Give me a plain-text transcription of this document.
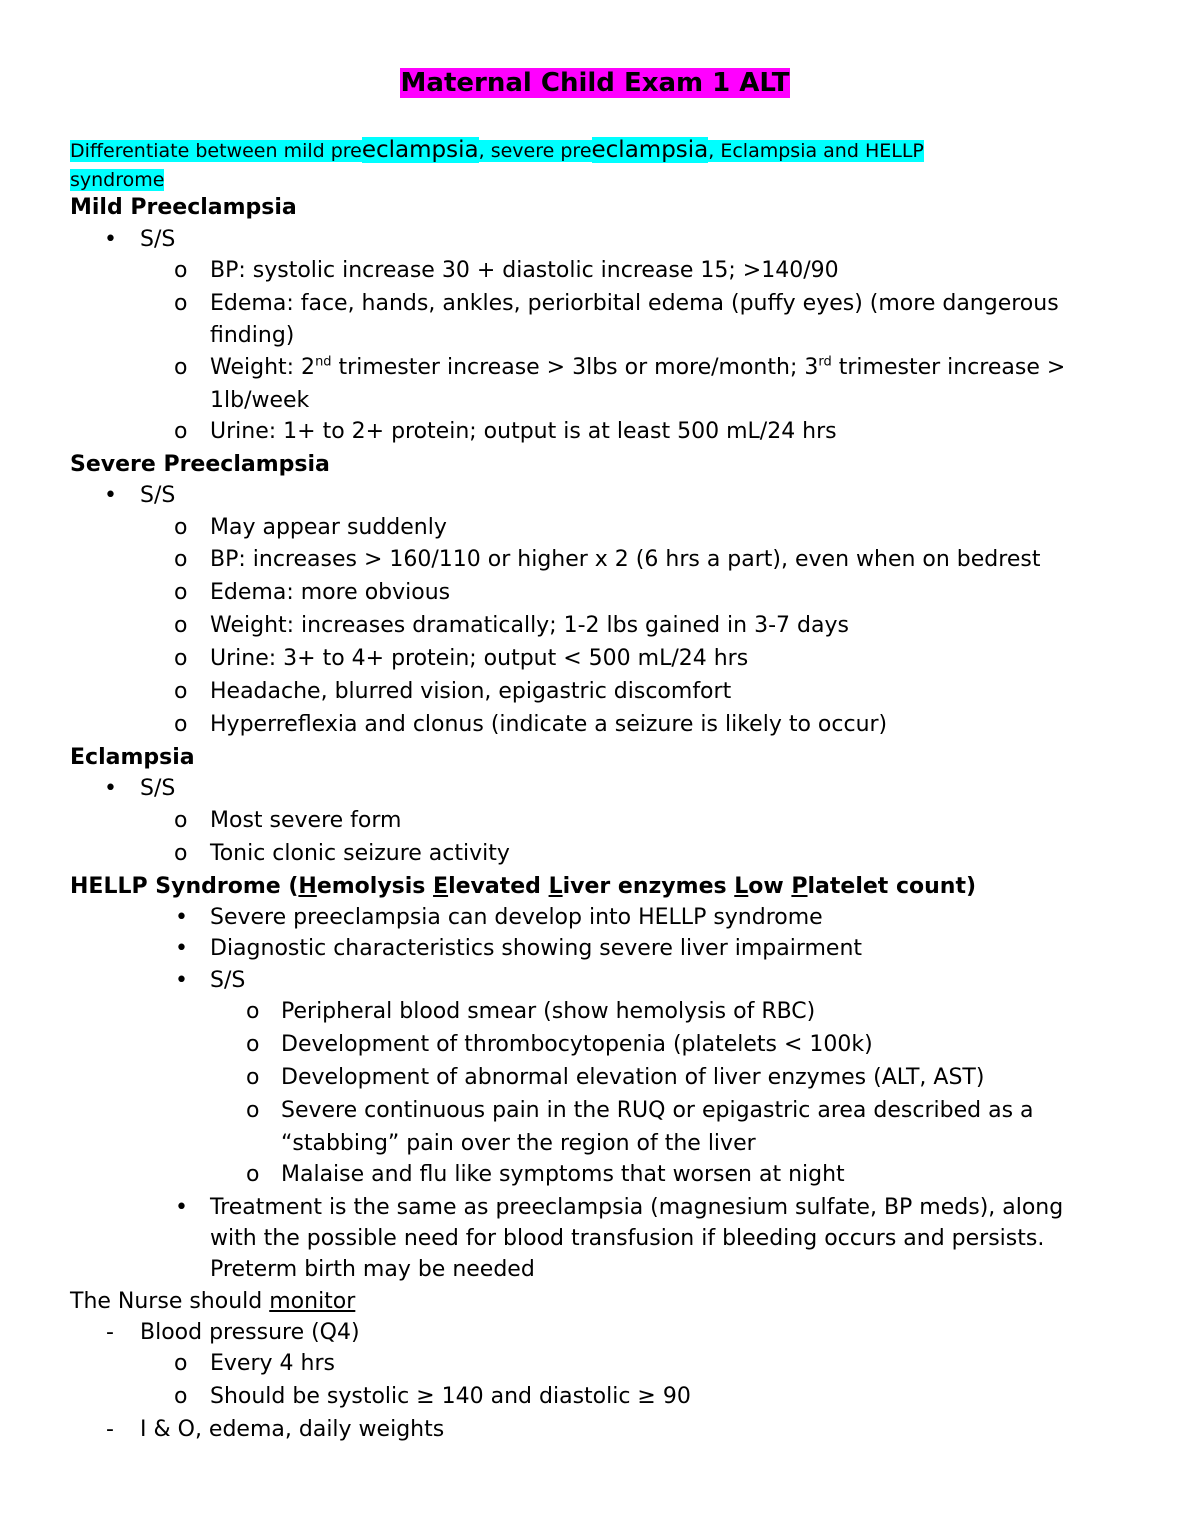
Maternal Child Exam 1 ALT
Differentiate between mild preeclampsia, severe preeclampsia, Eclampsia and HELLP
syndrome
Mild Preeclampsia
• S/S
o BP: systolic increase 30 + diastolic increase 15; >140/90
o Edema: face, hands, ankles, periorbital edema (puffy eyes) (more dangerous
finding)
o Weight: 2nd trimester increase > 3lbs or more/month; 3rd trimester increase >
1lb/week
o Urine: 1+ to 2+ protein; output is at least 500 mL/24 hrs
Severe Preeclampsia
• S/S
o May appear suddenly
o BP: increases > 160/110 or higher x 2 (6 hrs a part), even when on bedrest
o Edema: more obvious
o Weight: increases dramatically; 1-2 lbs gained in 3-7 days
o Urine: 3+ to 4+ protein; output < 500 mL/24 hrs
o Headache, blurred vision, epigastric discomfort
o Hyperreflexia and clonus (indicate a seizure is likely to occur)
Eclampsia
• S/S
o Most severe form
o Tonic clonic seizure activity
HELLP Syndrome (Hemolysis Elevated Liver enzymes Low Platelet count)
• Severe preeclampsia can develop into HELLP syndrome
• Diagnostic characteristics showing severe liver impairment
• S/S
o Peripheral blood smear (show hemolysis of RBC)
o Development of thrombocytopenia (platelets < 100k)
o Development of abnormal elevation of liver enzymes (ALT, AST)
o Severe continuous pain in the RUQ or epigastric area described as a
“stabbing” pain over the region of the liver
o Malaise and flu like symptoms that worsen at night
• Treatment is the same as preeclampsia (magnesium sulfate, BP meds), along
with the possible need for blood transfusion if bleeding occurs and persists.
Preterm birth may be needed
The Nurse should monitor
- Blood pressure (Q4)
o Every 4 hrs
o Should be systolic ≥ 140 and diastolic ≥ 90
- I & O, edema, daily weights
